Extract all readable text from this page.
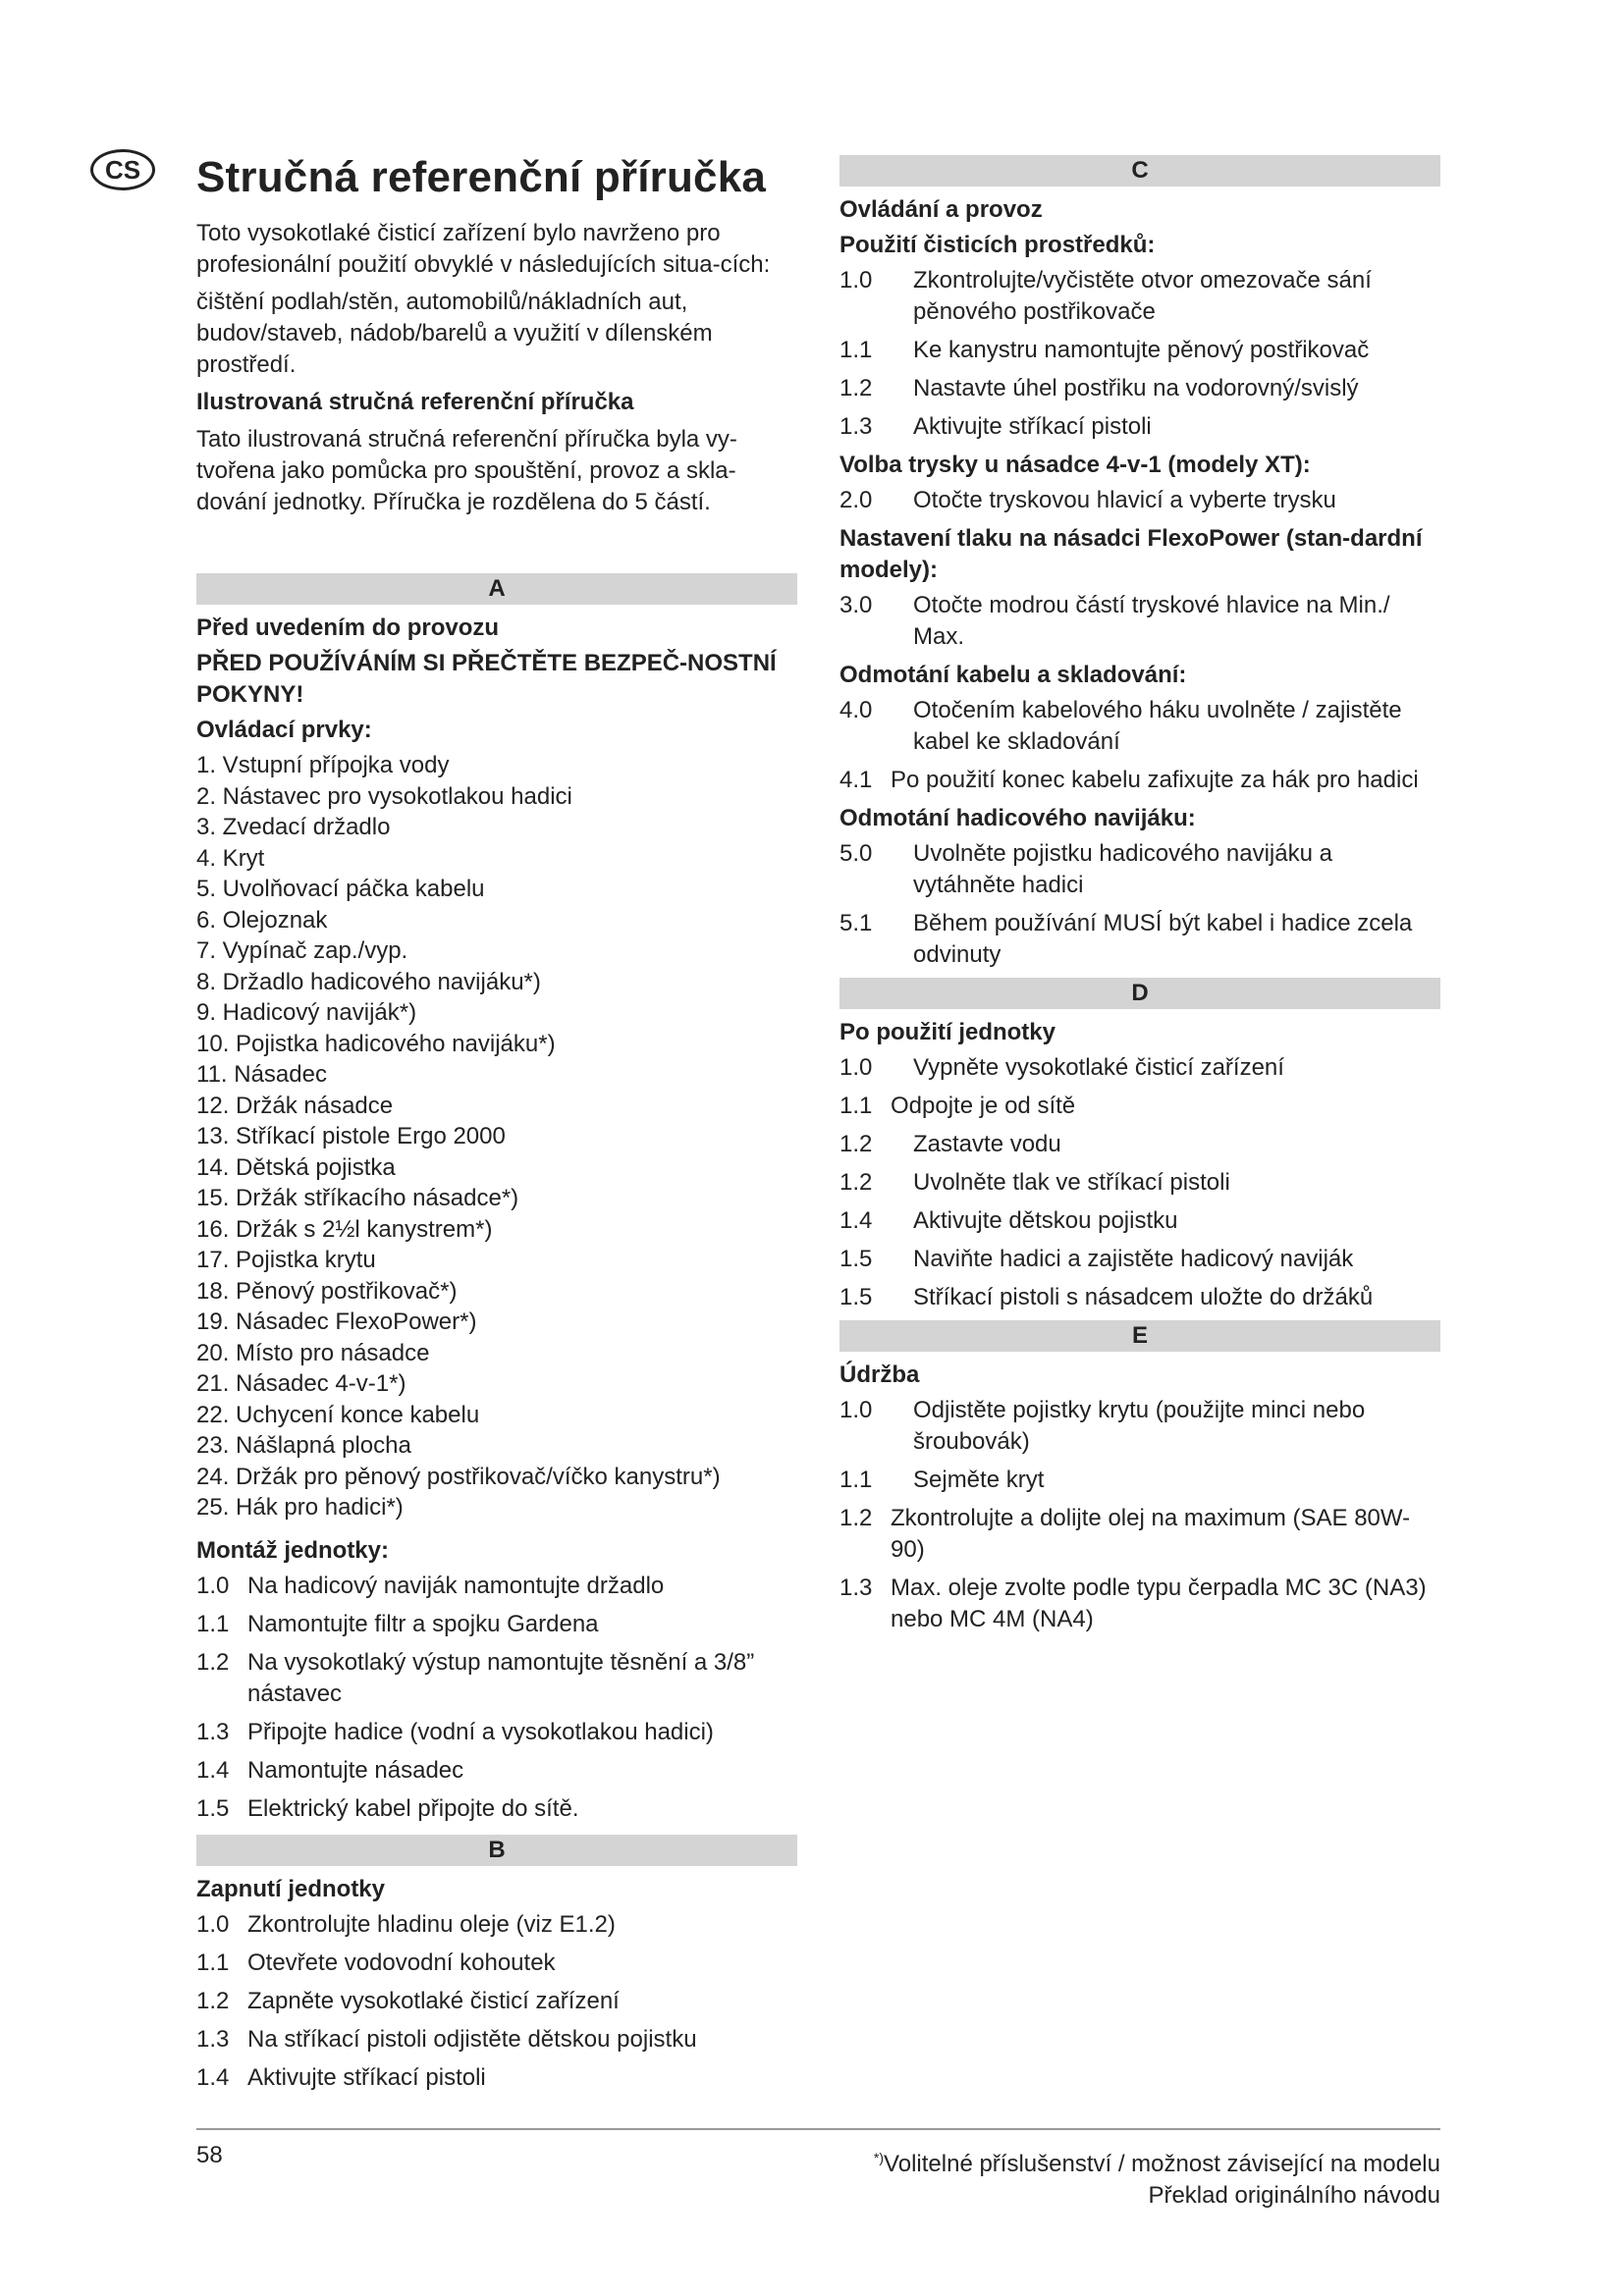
CS	Stručná referenční příručka

Toto vysokotlaké čisticí zařízení bylo navrženo pro profesionální použití obvyklé v následujících situa-cích:

čištění podlah/stěn, automobilů/nákladních aut, budov/staveb, nádob/barelů a využití v dílenském prostředí.

Ilustrovaná stručná referenční příručka

Tato ilustrovaná stručná referenční příručka byla vy-tvořena jako pomůcka pro spouštění, provoz a skla-dování jednotky. Příručka je rozdělena do 5 částí.

A

Před uvedením do provozu

PŘED POUŽÍVÁNÍM SI PŘEČTĚTE BEZPEČ-NOSTNÍ POKYNY!

Ovládací prvky:

1. Vstupní přípojka vody
2. Nástavec pro vysokotlakou hadici
3. Zvedací držadlo
4. Kryt
5. Uvolňovací páčka kabelu
6. Olejoznak
7. Vypínač zap./vyp.
8. Držadlo hadicového navijáku*)
9. Hadicový naviják*)
10. Pojistka hadicového navijáku*)
11. Násadec
12. Držák násadce
13. Stříkací pistole Ergo 2000
14. Dětská pojistka
15. Držák stříkacího násadce*)
16. Držák s 2½l kanystrem*)
17. Pojistka krytu
18. Pěnový postřikovač*)
19. Násadec FlexoPower*)
20. Místo pro násadce
21. Násadec 4-v-1*)
22. Uchycení konce kabelu
23. Nášlapná plocha
24. Držák pro pěnový postřikovač/víčko kanystru*)
25. Hák pro hadici*)

Montáž jednotky:

1.0 Na hadicový naviják namontujte držadlo
1.1 Namontujte filtr a spojku Gardena
1.2 Na vysokotlaký výstup namontujte těsnění a 3/8” nástavec
1.3 Připojte hadice (vodní a vysokotlakou hadici)
1.4 Namontujte násadec
1.5 Elektrický kabel připojte do sítě.
B

Zapnutí jednotky

1.0 Zkontrolujte hladinu oleje (viz E1.2)
1.1 Otevřete vodovodní kohoutek
1.2 Zapněte vysokotlaké čisticí zařízení
1.3 Na stříkací pistoli odjistěte dětskou pojistku
1.4 Aktivujte stříkací pistoli
C

Ovládání a provoz

Použití čisticích prostředků:

1.0	Zkontrolujte/vyčistěte otvor omezovače sání pěnového postřikovače
1.1	Ke kanystru namontujte pěnový postřikovač
1.2	Nastavte úhel postřiku na vodorovný/svislý
1.3	Aktivujte stříkací pistoli

Volba trysky u násadce 4-v-1 (modely XT):

2.0	Otočte tryskovou hlavicí a vyberte trysku

Nastavení tlaku na násadci FlexoPower (stan-dardní modely):

3.0	Otočte modrou částí tryskové hlavice na Min./ Max.

Odmotání kabelu a skladování:

4.0	Otočením kabelového háku uvolněte / zajistěte kabel ke skladování
4.1 Po použití konec kabelu zafixujte za hák pro hadici

Odmotání hadicového navijáku:

5.0	Uvolněte pojistku hadicového navijáku a vytáhněte hadici
5.1	Během používání MUSÍ být kabel i hadice zcela odvinuty
D

Po použití jednotky

1.0	Vypněte vysokotlaké čisticí zařízení
1.1 Odpojte je od sítě
1.2	Zastavte vodu
1.2	Uvolněte tlak ve stříkací pistoli
1.4	Aktivujte dětskou pojistku
1.5	Naviňte hadici a zajistěte hadicový naviják
1.5	Stříkací pistoli s násadcem uložte do držáků
E

Údržba

1.0	Odjistěte pojistky krytu (použijte minci nebo šroubovák)
1.1	Sejměte kryt
1.2 Zkontrolujte a dolijte olej na maximum (SAE 80W-90)
1.3 Max. oleje zvolte podle typu čerpadla MC 3C (NA3) nebo MC 4M (NA4)
58	*)Volitelné příslušenství / možnost závisející na modelu
Překlad originálního návodu
